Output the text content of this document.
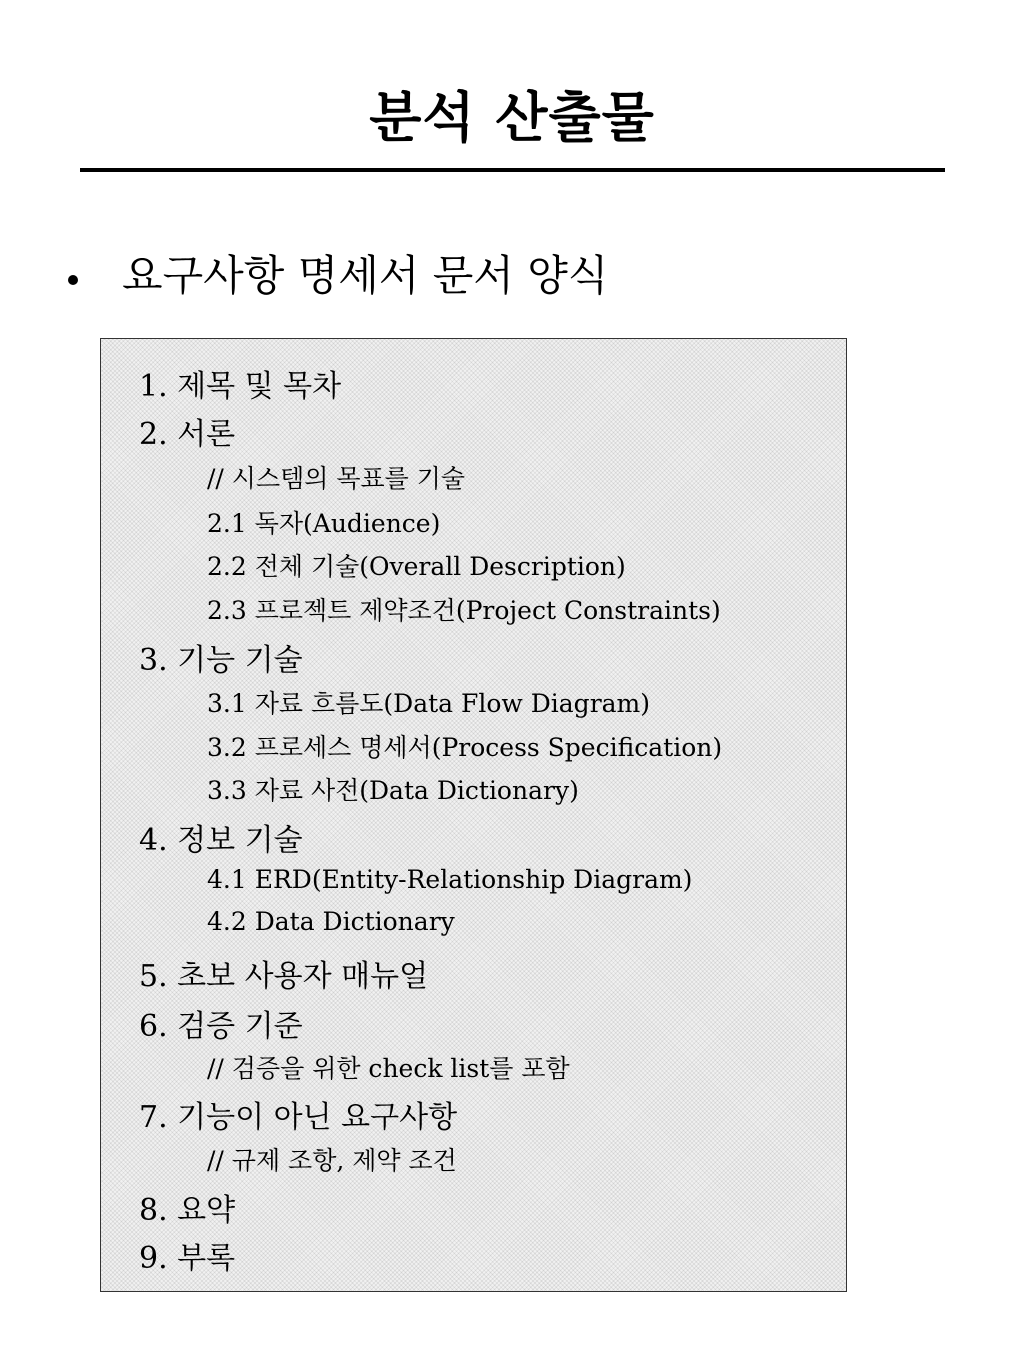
분석 산출물
요구사항 명세서 문서 양식
1. 제목 및 목차
2. 서론
// 시스템의 목표를 기술
2.1 독자(Audience)
2.2 전체 기술(Overall Description)
2.3 프로젝트 제약조건(Project Constraints)
3. 기능 기술
3.1 자료 흐름도(Data Flow Diagram)
3.2 프로세스 명세서(Process Specification)
3.3 자료 사전(Data Dictionary)
4. 정보 기술
4.1 ERD(Entity-Relationship Diagram)
4.2 Data Dictionary
5. 초보 사용자 매뉴얼
6. 검증 기준
// 검증을 위한 check list를 포함
7. 기능이 아닌 요구사항
// 규제 조항, 제약 조건
8. 요약
9. 부록
